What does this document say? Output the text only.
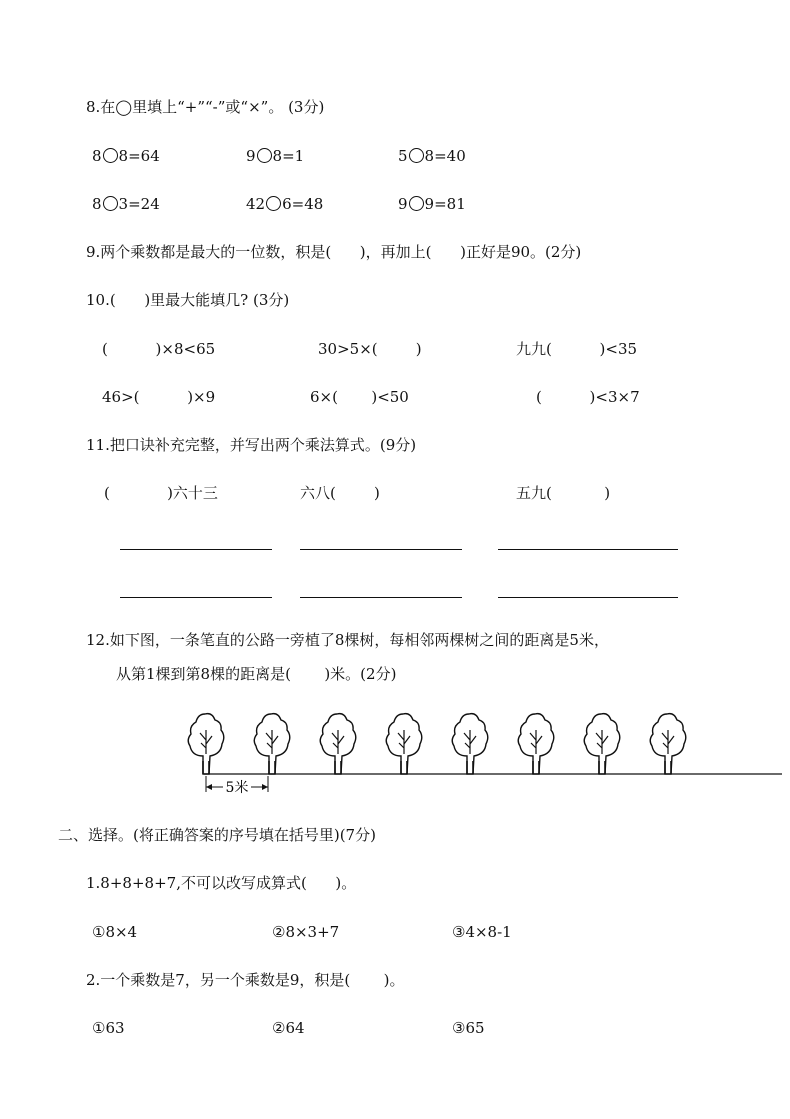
8.在◯里填上“+”“-”或“×”。 (3分)
8 8=64	9 8=1	5 8=40
8 3=24	42 6=48	9 9=81
9.两个乘数都是最大的一位数，积是(      )，再加上(      )正好是90。(2分)
10.(      )里最大能填几? (3分)
(          )×8<65	30>5×(        )	九九(          )<35
46>(          )×9	6×(       )<50	(          )<3×7
11.把口诀补充完整，并写出两个乘法算式。(9分)
(            )六十三	六八(        )	五九(           )
12.如下图，一条笔直的公路一旁植了8棵树，每相邻两棵树之间的距离是5米，
从第1棵到第8棵的距离是(       )米。(2分)
5米
二、选择。(将正确答案的序号填在括号里)(7分)
1.8+8+8+7,不可以改写成算式(      )。
①8×4	②8×3+7	③4×8-1
2.一个乘数是7，另一个乘数是9，积是(       )。
①63	②64	③65
